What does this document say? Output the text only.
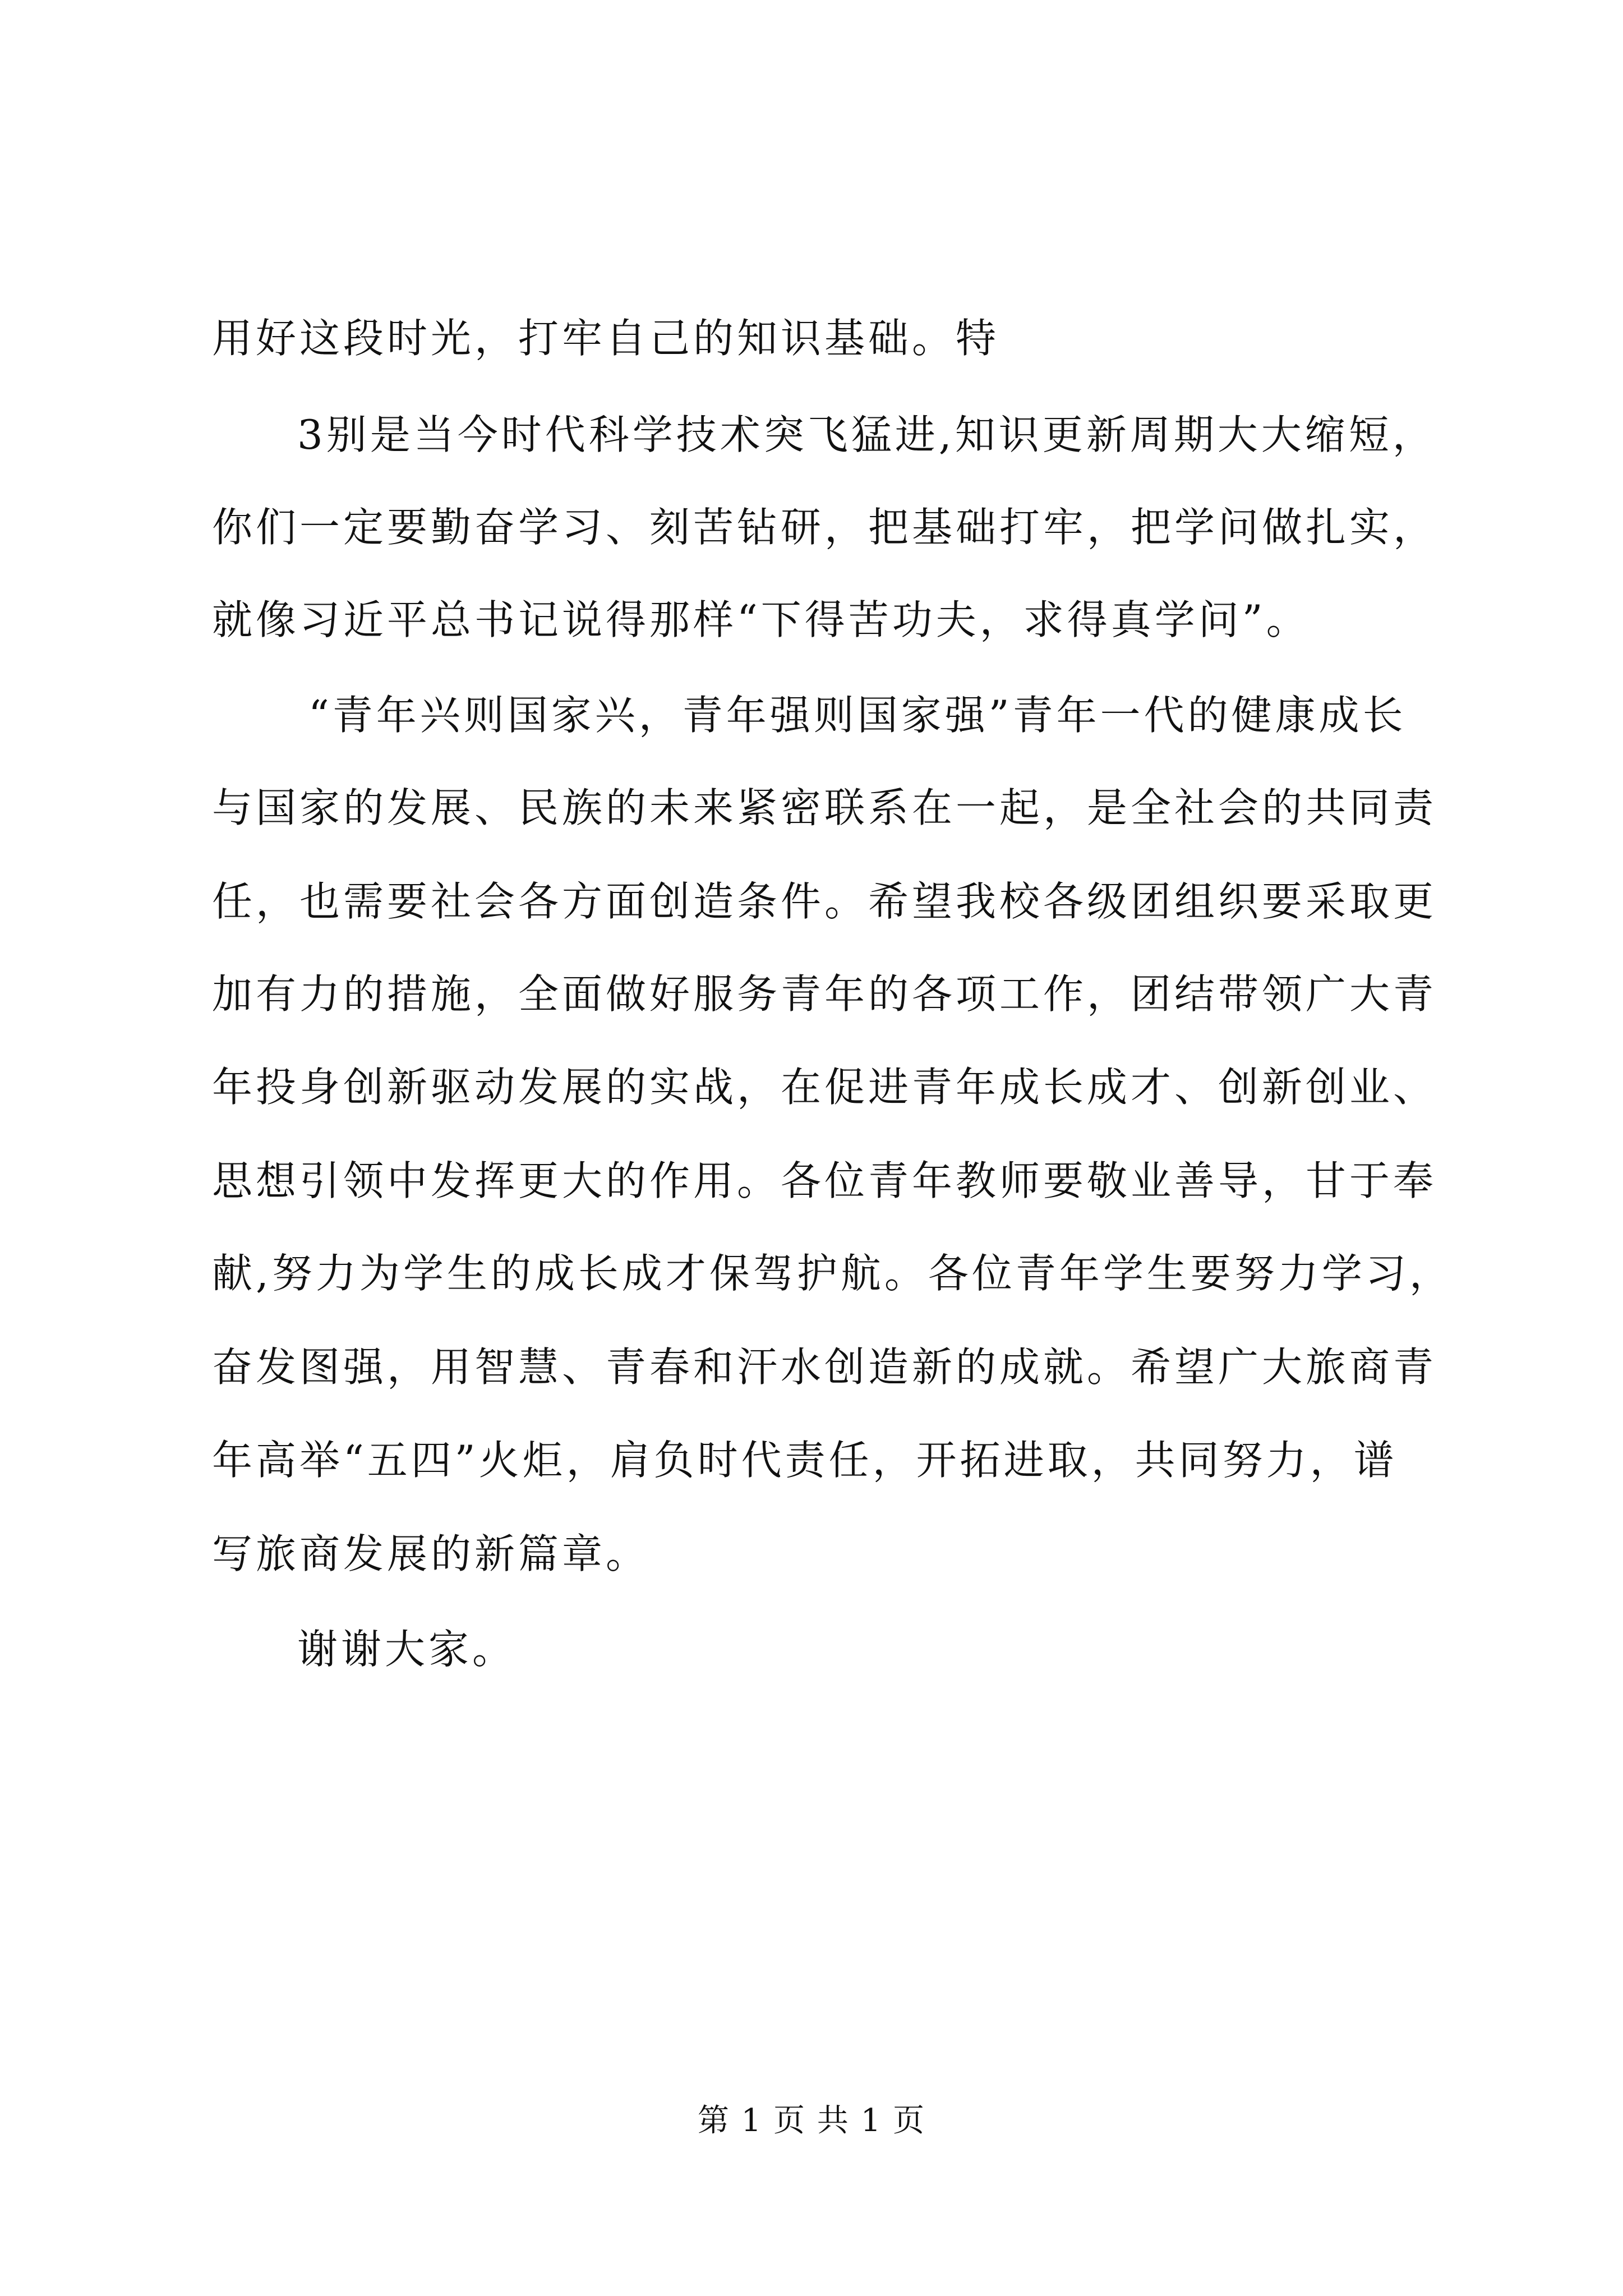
用好这段时光，打牢自己的知识基础。特
3别是当今时代科学技术突飞猛进,知识更新周期大大缩短，
你们一定要勤奋学习、刻苦钻研，把基础打牢，把学问做扎实，
就像习近平总书记说得那样“下得苦功夫，求得真学问”。
“青年兴则国家兴，青年强则国家强”青年一代的健康成长
与国家的发展、民族的未来紧密联系在一起，是全社会的共同责
任，也需要社会各方面创造条件。希望我校各级团组织要采取更
加有力的措施，全面做好服务青年的各项工作，团结带领广大青
年投身创新驱动发展的实战，在促进青年成长成才、创新创业、
思想引领中发挥更大的作用。各位青年教师要敬业善导，甘于奉
献,努力为学生的成长成才保驾护航。各位青年学生要努力学习，
奋发图强，用智慧、青春和汗水创造新的成就。希望广大旅商青
年高举“五四”火炬，肩负时代责任，开拓进取，共同努力，谱
写旅商发展的新篇章。
谢谢大家。
第 1 页 共 1 页
